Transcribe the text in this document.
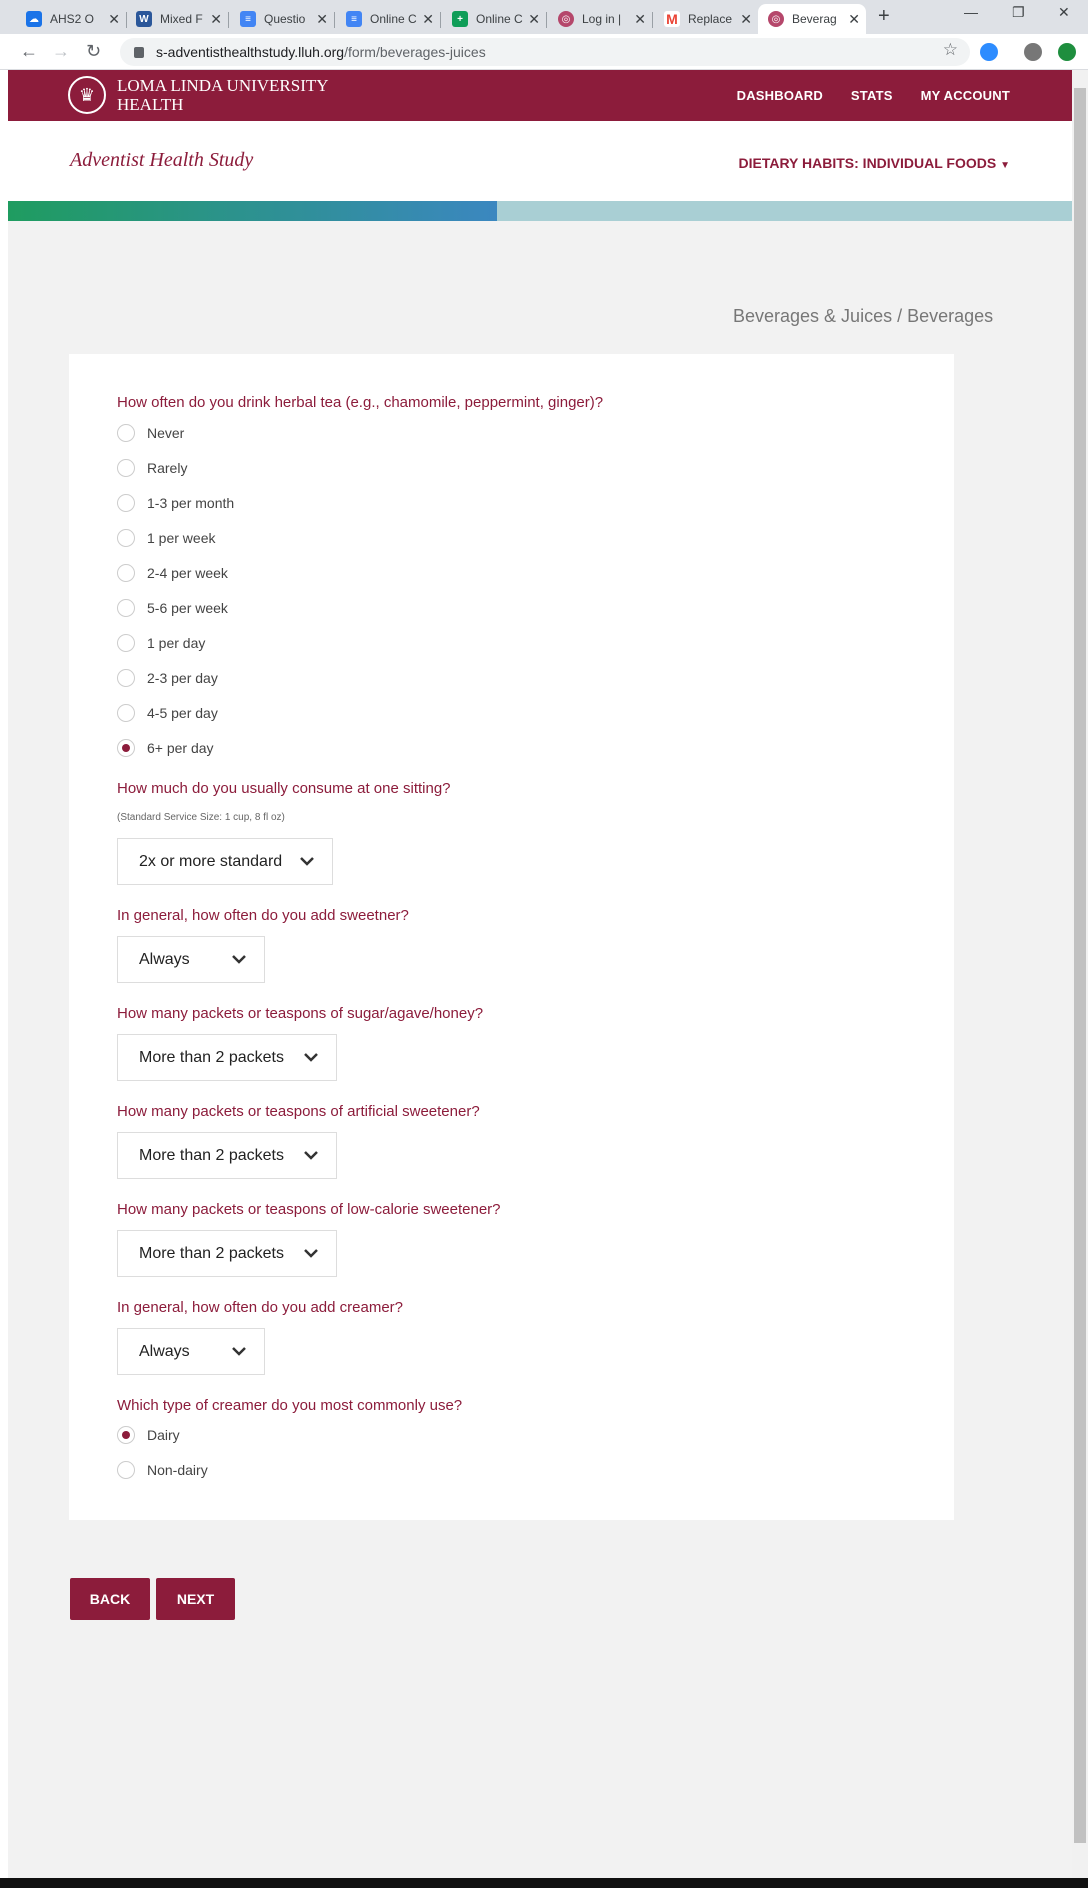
☁ AHS2 O ✕	W Mixed F ✕	≡	Questio ✕	≡	Online C ✕	+	Online C ✕	◎ Log in | ✕ M Replace ✕	◎ Beverag ✕ +	— ❐ ✕
← → ↻	s-adventisthealthstudy.lluh.org /form/beverages-juices	☆
♛	LOMA LINDA UNIVERSITY HEALTH	DASHBOARD STATS MY ACCOUNT
Adventist Health Study	DIETARY HABITS: INDIVIDUAL FOODS ▼
Beverages & Juices / Beverages
How often do you drink herbal tea (e.g., chamomile, peppermint, ginger)?
Never
Rarely
1-3 per month
1 per week
2-4 per week
5-6 per week
1 per day
2-3 per day
4-5 per day
6+ per day
How much do you usually consume at one sitting?
(Standard Service Size: 1 cup, 8 fl oz)
2x or more standard
In general, how often do you add sweetner?
Always
How many packets or teaspons of sugar/agave/honey?
More than 2 packets
How many packets or teaspons of artificial sweetener?
More than 2 packets
How many packets or teaspons of low-calorie sweetener?
More than 2 packets
In general, how often do you add creamer?
Always
Which type of creamer do you most commonly use?
Dairy
Non-dairy
BACK	NEXT
